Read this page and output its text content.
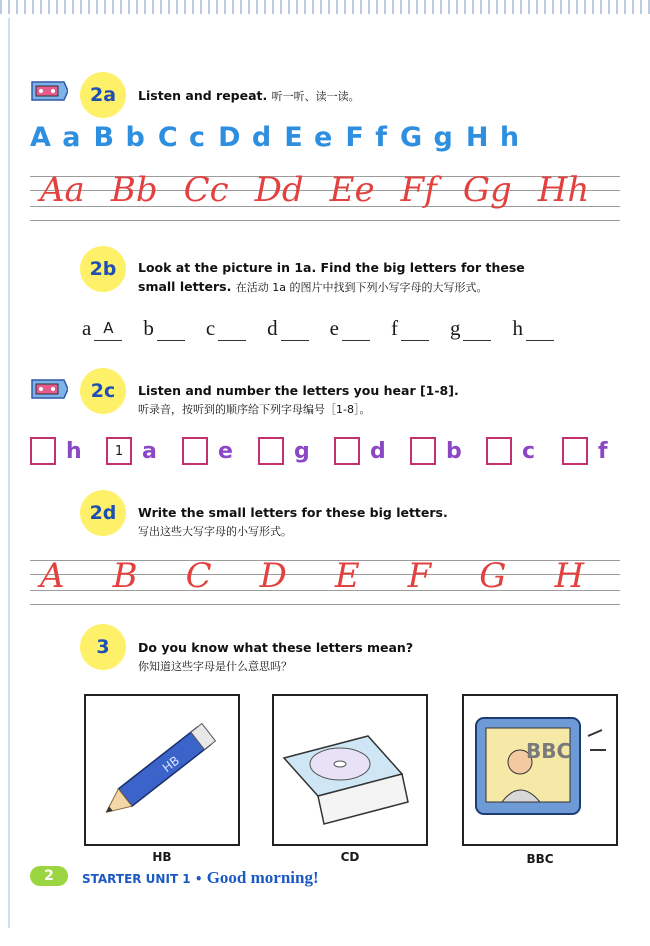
2a	Listen and repeat. 听一听、读一读。
A a B b C c D d E e F f G g H h
Aa Bb Cc Dd Ee Ff Gg Hh
2b	Look at the picture in 1a. Find the big letters for these
small letters. 在活动 1a 的图片中找到下列小写字母的大写形式。
a A	b c d e f g h
2c	Listen and number the letters you hear [1-8].
听录音，按听到的顺序给下列字母编号［1-8］。
h	1 a	e	g	d	b	c	f
2d	Write the small letters for these big letters.
写出这些大写字母的小写形式。
A B C D E F G H
3	Do you know what these letters mean?
你知道这些字母是什么意思吗？
HB
HB	CD
BBC
BBC
2	STARTER UNIT 1 • Good morning!
